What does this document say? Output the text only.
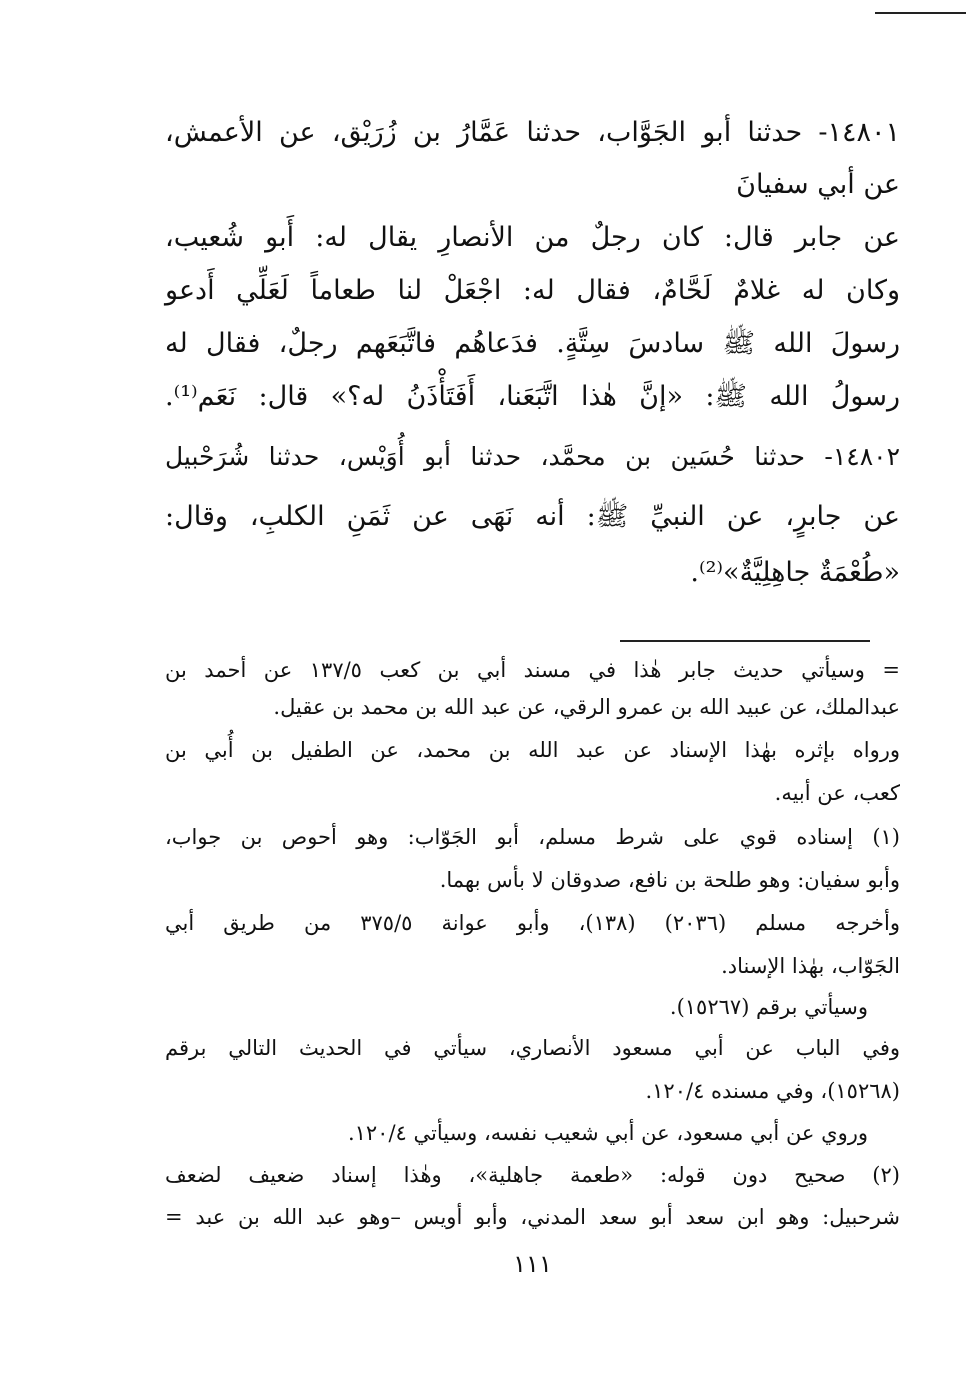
١٤٨٠١- حدثنا أبو الجَوَّاب، حدثنا عَمَّارُ بن زُرَيْق، عن الأعمش،
عن أبي سفيانَ
عن جابر قال: كان رجلٌ من الأنصارِ يقال له: أَبو شُعيب،
وكان له غلامٌ لَحَّامٌ، فقال له: اجْعَلْ لنا طعاماً لَعَلِّي أَدعو
رسولَ الله ﷺ سادسَ سِتَّةٍ. فدَعاهُم فاتَّبَعَهم رجلٌ، فقال له
رسولُ الله ﷺ: «إنَّ هٰذا اتَّبَعَنا، أَفَتَأْذَنُ له؟» قال: نَعَم⁽¹⁾.
١٤٨٠٢- حدثنا حُسَين بن محمَّد، حدثنا أبو أُوَيْس، حدثنا شُرَحْبيل
عن جابرٍ، عن النبيِّ ﷺ: أنه نَهَى عن ثَمَنِ الكلبِ، وقال:
«طُعْمَةٌ جاهِلِيَّةٌ»⁽²⁾.
= وسيأتي حديث جابر هٰذا في مسند أبي بن كعب ١٣٧/٥ عن أحمد بن
عبدالملك، عن عبيد الله بن عمرو الرقي، عن عبد الله بن محمد بن عقيل.
ورواه بإثره بهٰذا الإسناد عن عبد الله بن محمد، عن الطفيل بن أُبي بن
كعب، عن أبيه.
(١) إسناده قوي على شرط مسلم، أبو الجَوّاب: وهو أحوص بن جواب،
وأبو سفيان: وهو طلحة بن نافع، صدوقان لا بأس بهما.
وأخرجه مسلم (٢٠٣٦) (١٣٨)، وأبو عوانة ٣٧٥/٥ من طريق أبي
الجَوّاب، بهٰذا الإسناد.
وسيأتي برقم (١٥٢٦٧).
وفي الباب عن أبي مسعود الأنصاري، سيأتي في الحديث التالي برقم
(١٥٢٦٨)، وفي مسنده ١٢٠/٤.
وروي عن أبي مسعود، عن أبي شعيب نفسه، وسيأتي ١٢٠/٤.
(٢) صحيح دون قوله: «طعمة جاهلية»، وهٰذا إسناد ضعيف لضعف
شرحبيل: وهو ابن سعد أبو سعد المدني، وأبو أويس –وهو عبد الله بن عبد =
١١١
